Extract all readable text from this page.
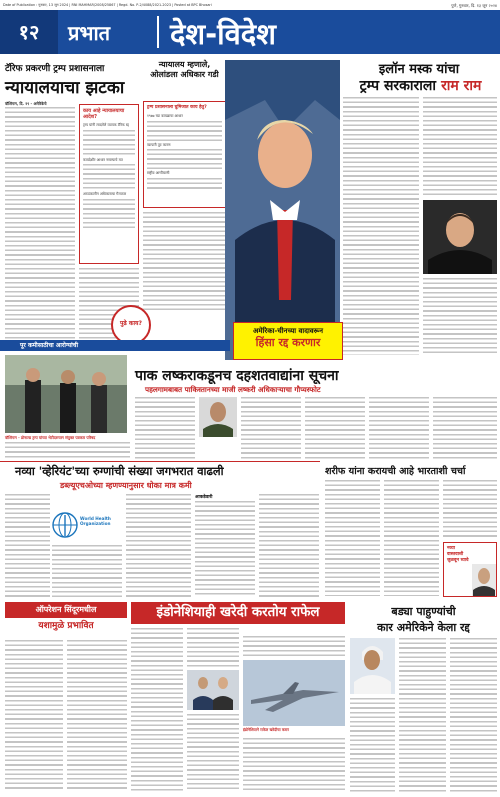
Date of Publication : गुरुवार, 13 जून 2024 | RNI MAHMAR/2008/25867 | Regd. No. P-2/4088/2021-2023 | Posted at BPC Bhosari	पुणे, गुरुवार, दि. १३ जून २०२४
१२	प्रभात देश-विदेश
टॅरिफ प्रकरणी ट्रम्प प्रशासनाला
न्यायालयाचा झटका
वॉशिंग्टन, दि. २९ - अमेरिकेचे
काय आहे न्यायालयाचा आदेश?
ट्रम्प यांनी लादलेले व्यापक टॅरिफ रद्द
कायदेशीर आधार नसल्याचे मत
आपत्कालीन अधिकाराचा गैरवापर
न्यायालय म्हणाले, ओलांडला अधिकार गडी
ट्रम्प प्रशासनाला घुमिजात काय हेतु?
१९७७ च्या कायद्याचा आधार
व्यापारी तूट कारण
राष्ट्रीय आणीबाणी
पुढे काय?
अमेरिका-चीनच्या वादावरून
हिंसा रद्द करणार
इलॉन मस्क यांचा
ट्रम्प सरकाराला राम राम
पूर कमीसाठीचा आरोग्यांची
वॉशिंग्टन - डोनाल्ड ट्रम्प यांच्या भेटीदरम्यान संयुक्त पत्रकार परिषद
पाक लष्कराकडूनच दहशतवाद्यांना सूचना
पहलगामबाबत पाकिस्तानच्या माजी लष्करी अधिकाऱ्याचा गौप्यस्फोट
नव्या 'व्हेरियंट'च्या रुग्णांची संख्या जगभरात वाढली
डब्ल्यूएचओच्या म्हणण्यानुसार धोका मात्र कमी
World Health Organization
आकडेवारी
शरीफ यांना करायची आहे भारताशी चर्चा
नव्या
वास्तवाशी
जुळवून घ्यावे
ऑपरेशन सिंदूरमधील
यशामुळे प्रभावित
इंडोनेशियाही खरेदी करतोय राफेल
इंडोनेशियाने राफेल खरेदीचा करार
बड्या पाहुण्यांची
कार अमेरिकेने केला रद्द
